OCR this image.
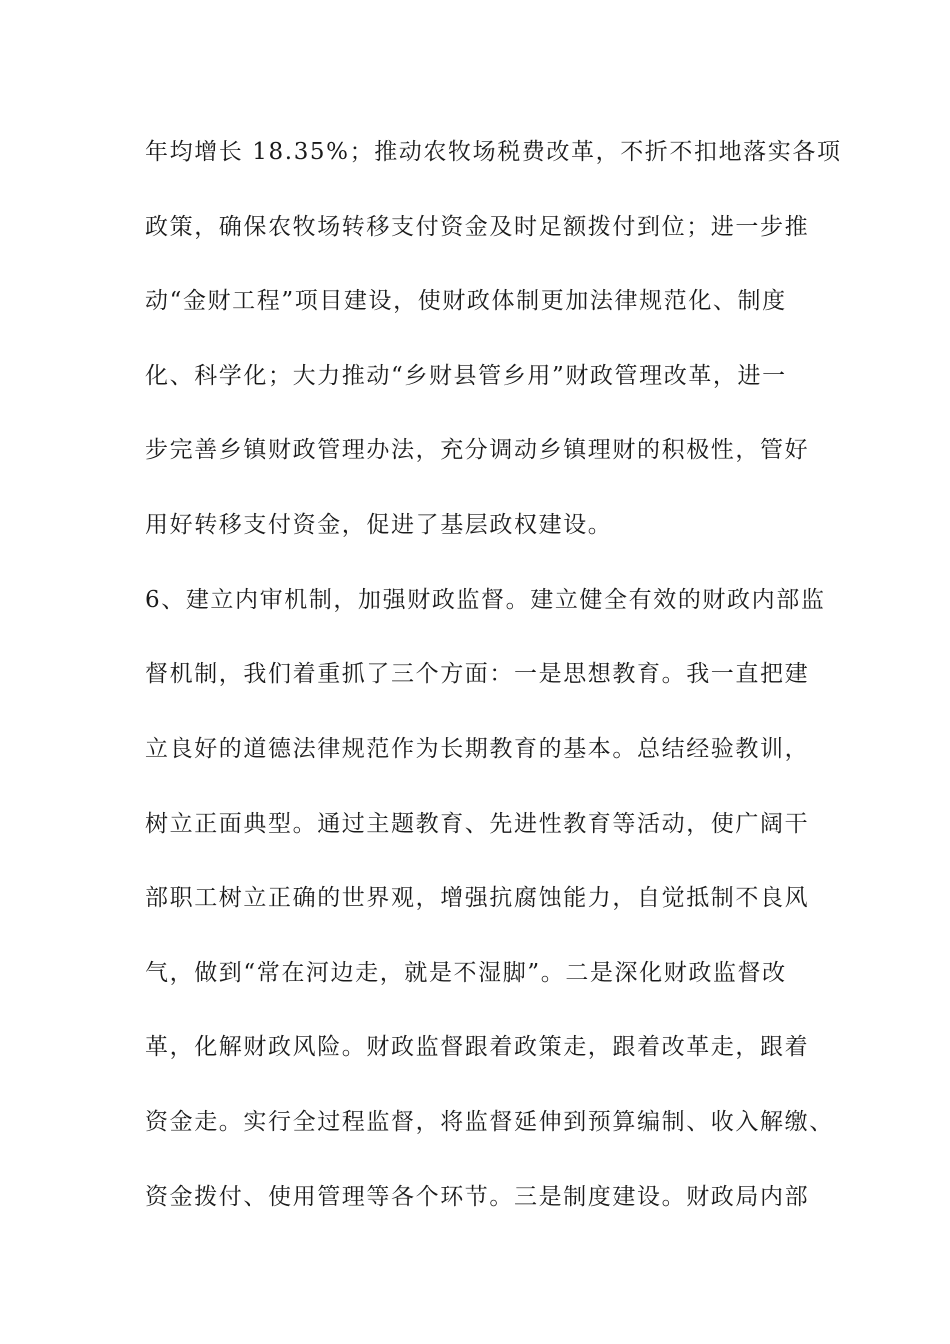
年均增长 18.35%；推动农牧场税费改革，不折不扣地落实各项
政策，确保农牧场转移支付资金及时足额拨付到位；进一步推
动“金财工程”项目建设，使财政体制更加法律规范化、制度
化、科学化；大力推动“乡财县管乡用”财政管理改革，进一
步完善乡镇财政管理办法，充分调动乡镇理财的积极性，管好
用好转移支付资金，促进了基层政权建设。
6、建立内审机制，加强财政监督。建立健全有效的财政内部监
督机制，我们着重抓了三个方面：一是思想教育。我一直把建
立良好的道德法律规范作为长期教育的基本。总结经验教训，
树立正面典型。通过主题教育、先进性教育等活动，使广阔干
部职工树立正确的世界观，增强抗腐蚀能力，自觉抵制不良风
气，做到“常在河边走，就是不湿脚”。二是深化财政监督改
革，化解财政风险。财政监督跟着政策走，跟着改革走，跟着
资金走。实行全过程监督，将监督延伸到预算编制、收入解缴、
资金拨付、使用管理等各个环节。三是制度建设。财政局内部
